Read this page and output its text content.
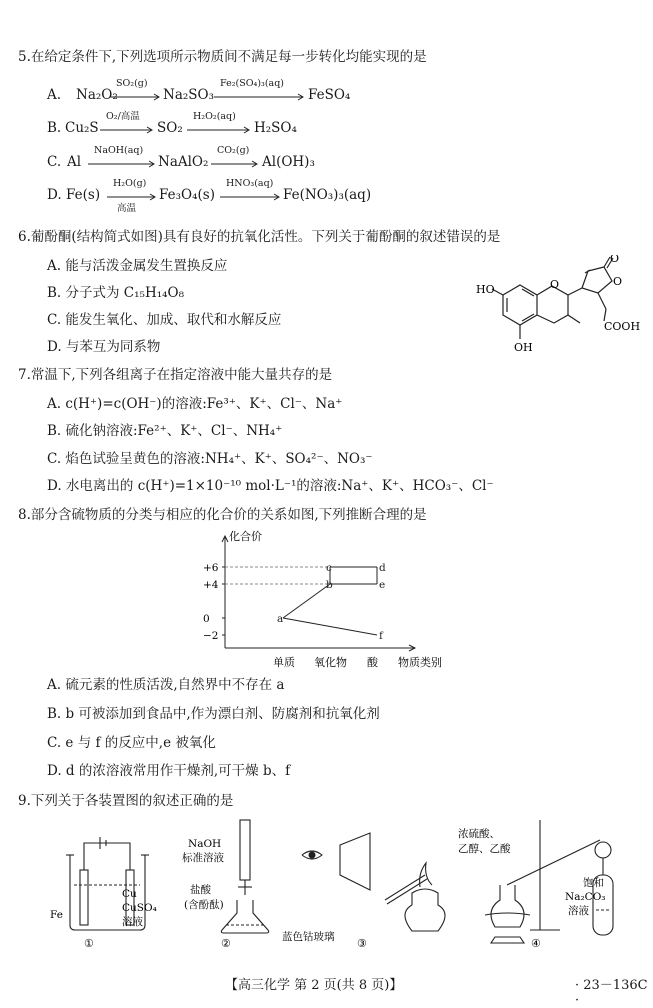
5.在给定条件下,下列选项所示物质间不满足每一步转化均能实现的是
A. Na₂O₂	Na₂SO₃	FeSO₄
SO₂(g)	Fe₂(SO₄)₃(aq)
B. Cu₂S	SO₂	H₂SO₄
O₂/高温	H₂O₂(aq)
C. Al	NaAlO₂	Al(OH)₃
NaOH(aq)	CO₂(g)
D. Fe(s)	Fe₃O₄(s)	Fe(NO₃)₃(aq)
H₂O(g)	HNO₃(aq)
高温
6.葡酚酮(结构简式如图)具有良好的抗氧化活性。下列关于葡酚酮的叙述错误的是
A. 能与活泼金属发生置换反应
B. 分子式为 C₁₅H₁₄O₈
C. 能发生氧化、加成、取代和水解反应
D. 与苯互为同系物
HO
OH
O	O
O
COOH
7.常温下,下列各组离子在指定溶液中能大量共存的是
A. c(H⁺)=c(OH⁻)的溶液:Fe³⁺、K⁺、Cl⁻、Na⁺
B. 硫化钠溶液:Fe²⁺、K⁺、Cl⁻、NH₄⁺
C. 焰色试验呈黄色的溶液:NH₄⁺、K⁺、SO₄²⁻、NO₃⁻
D. 水电离出的 c(H⁺)=1×10⁻¹⁰ mol·L⁻¹的溶液:Na⁺、K⁺、HCO₃⁻、Cl⁻
8.部分含硫物质的分类与相应的化合价的关系如图,下列推断合理的是
化合价
物质类别
+6
+4
0
−2
单质 氧化物 酸
a
b
c	d
e
f
A. 硫元素的性质活泼,自然界中不存在 a
B. b 可被添加到食品中,作为漂白剂、防腐剂和抗氧化剂
C. e 与 f 的反应中,e 被氧化
D. d 的浓溶液常用作干燥剂,可干燥 b、f
9.下列关于各装置图的叙述正确的是
Fe
Cu
CuSO₄
溶液
NaOH
标准溶液
盐酸
(含酚酞)
蓝色钴玻璃
浓硫酸、
乙醇、乙酸
饱和
Na₂CO₃
溶液
①	②	③	④
【高三化学 第 2 页(共 8 页)】	· 23－136C ·
